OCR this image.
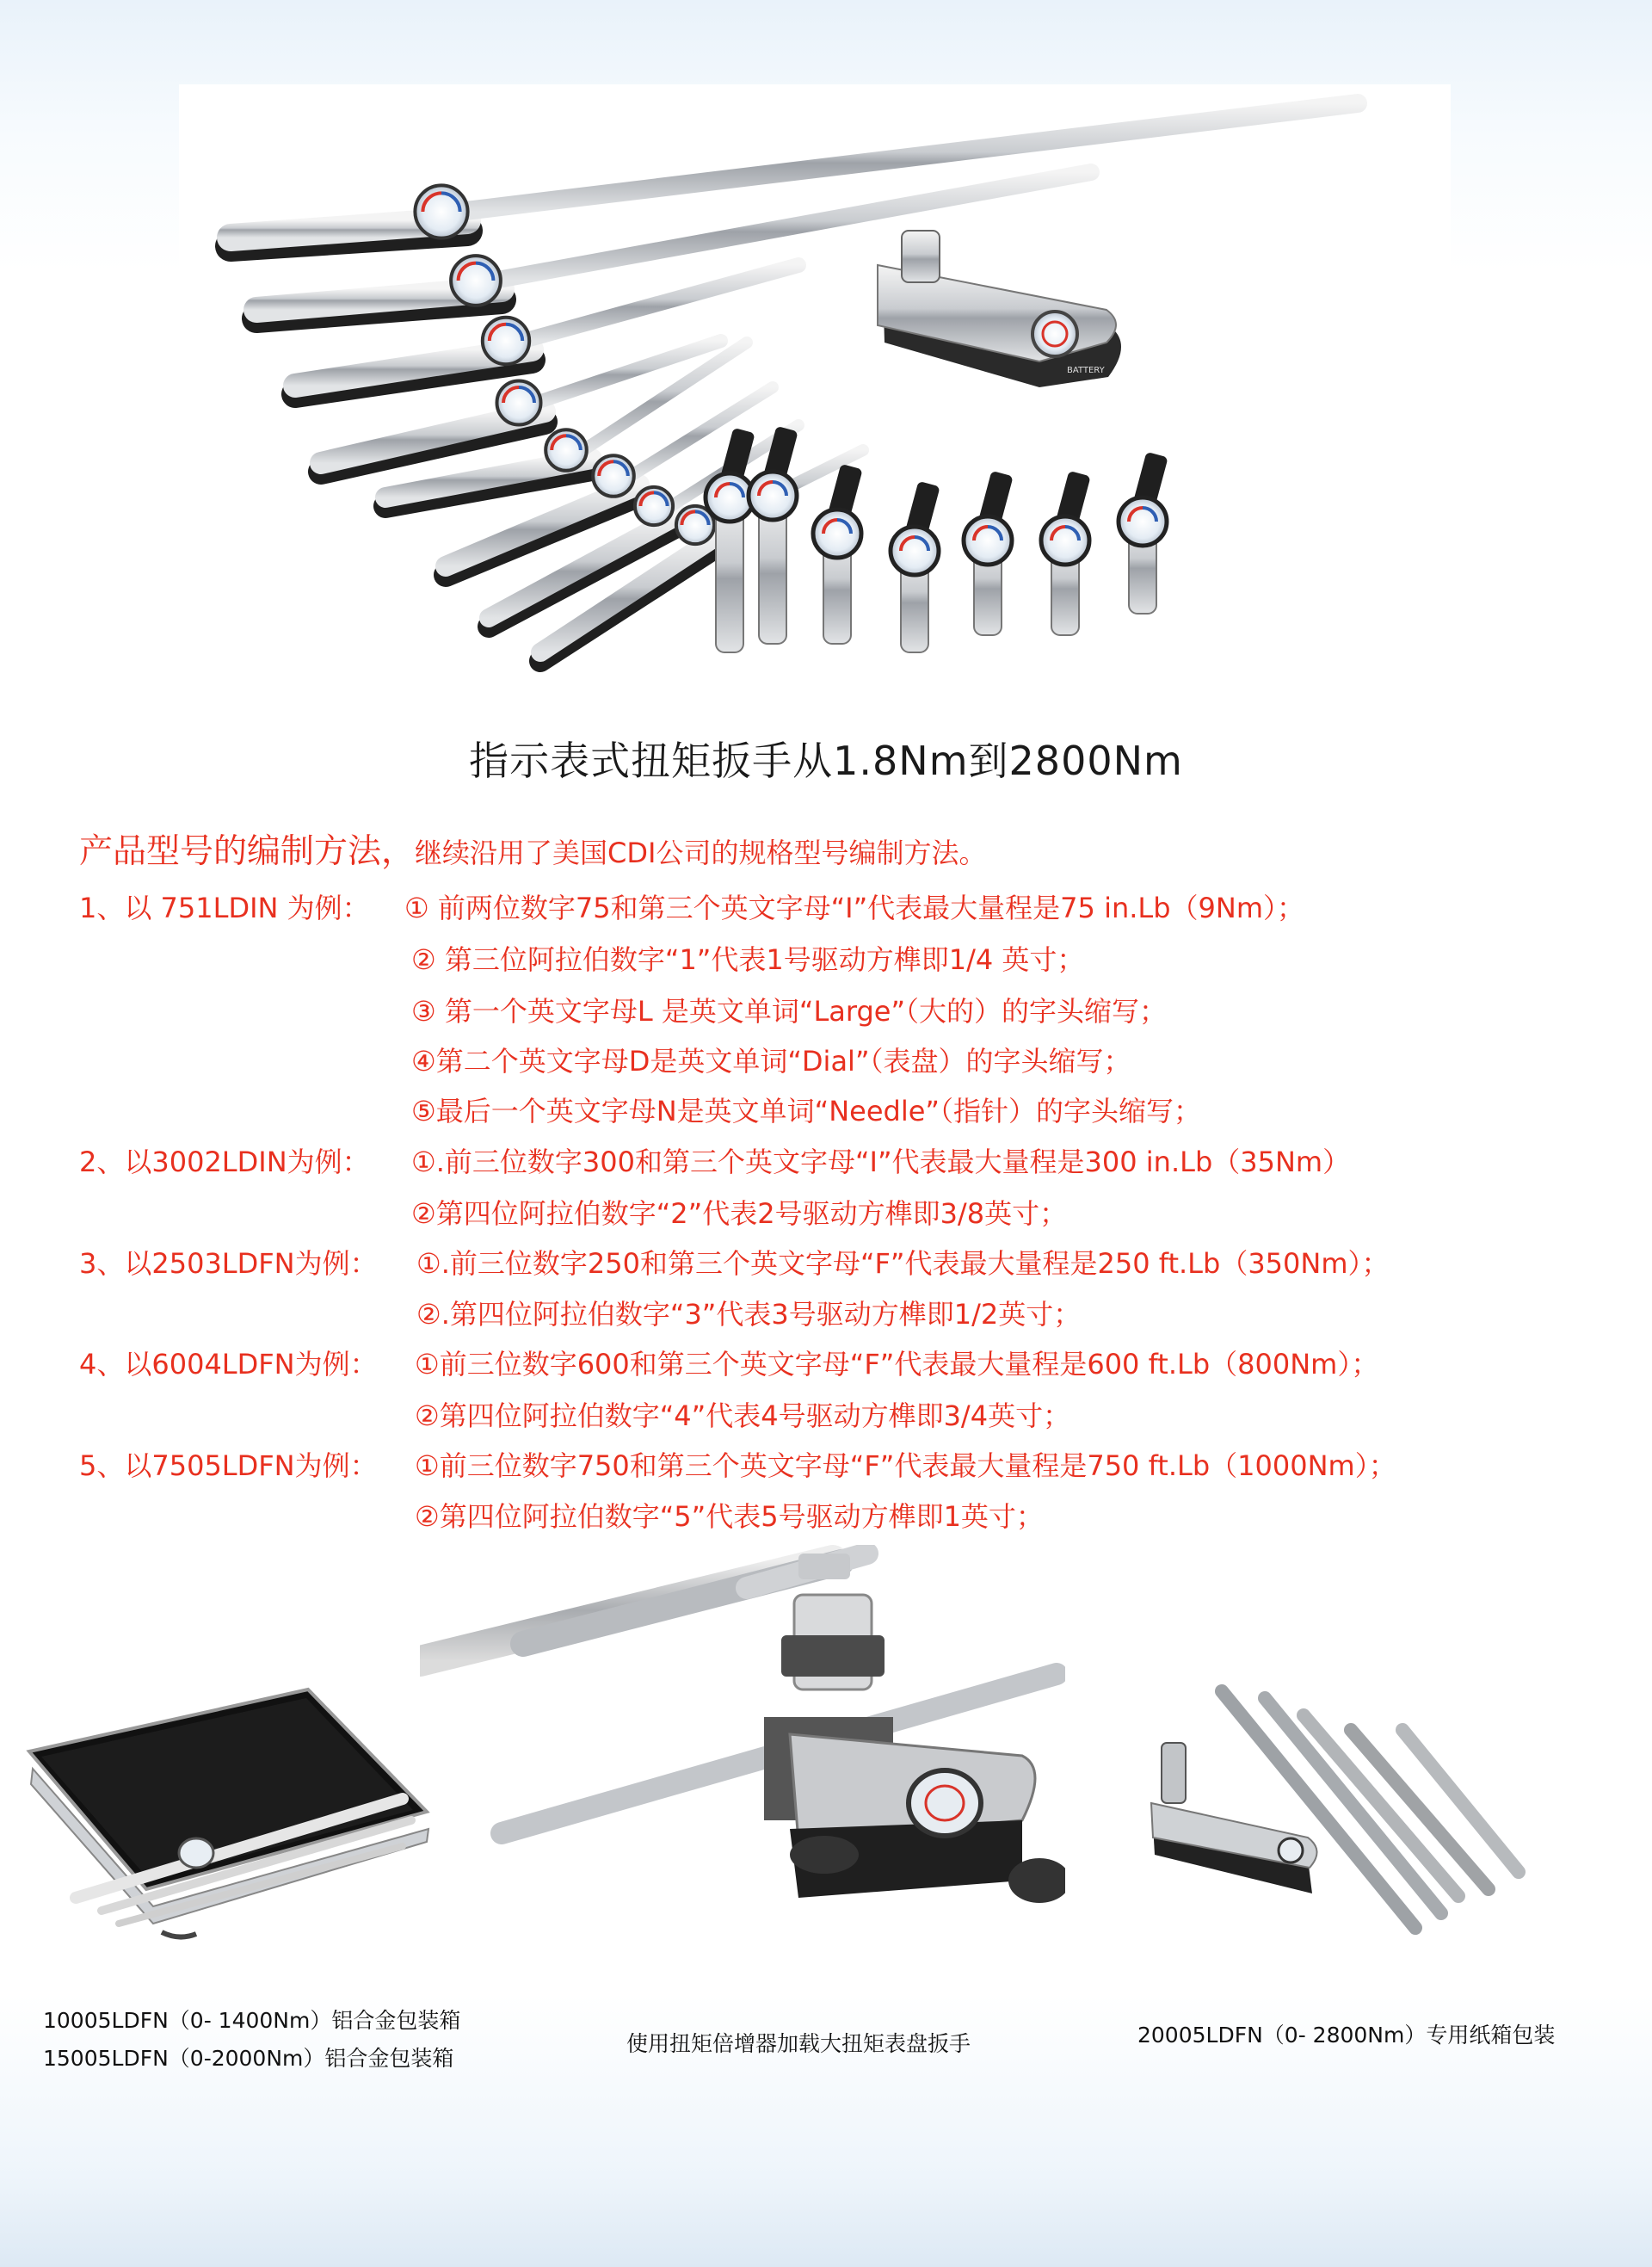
BATTERY
指示表式扭矩扳手从1.8Nm到2800Nm
产品型号的编制方法，继续沿用了美国CDI公司的规格型号编制方法。
1、以 751LDIN 为例： ① 前两位数字75和第三个英文字母“I”代表最大量程是75 in.Lb（9Nm）；
② 第三位阿拉伯数字“1”代表1号驱动方榫即1/4 英寸；
③ 第一个英文字母L 是英文单词“Large”（大的）的字头缩写；
④第二个英文字母D是英文单词“Dial”（表盘）的字头缩写；
⑤最后一个英文字母N是英文单词“Needle”（指针）的字头缩写；
2、以3002LDIN为例： ①.前三位数字300和第三个英文字母“I”代表最大量程是300 in.Lb（35Nm）
②第四位阿拉伯数字“2”代表2号驱动方榫即3/8英寸；
3、以2503LDFN为例： ①.前三位数字250和第三个英文字母“F”代表最大量程是250 ft.Lb（350Nm）；
②.第四位阿拉伯数字“3”代表3号驱动方榫即1/2英寸；
4、以6004LDFN为例： ①前三位数字600和第三个英文字母“F”代表最大量程是600 ft.Lb（800Nm）；
②第四位阿拉伯数字“4”代表4号驱动方榫即3/4英寸；
5、以7505LDFN为例： ①前三位数字750和第三个英文字母“F”代表最大量程是750 ft.Lb（1000Nm）；
②第四位阿拉伯数字“5”代表5号驱动方榫即1英寸；
10005LDFN（0- 1400Nm）铝合金包装箱
15005LDFN（0-2000Nm）铝合金包装箱
使用扭矩倍增器加载大扭矩表盘扳手	20005LDFN（0- 2800Nm）专用纸箱包装
